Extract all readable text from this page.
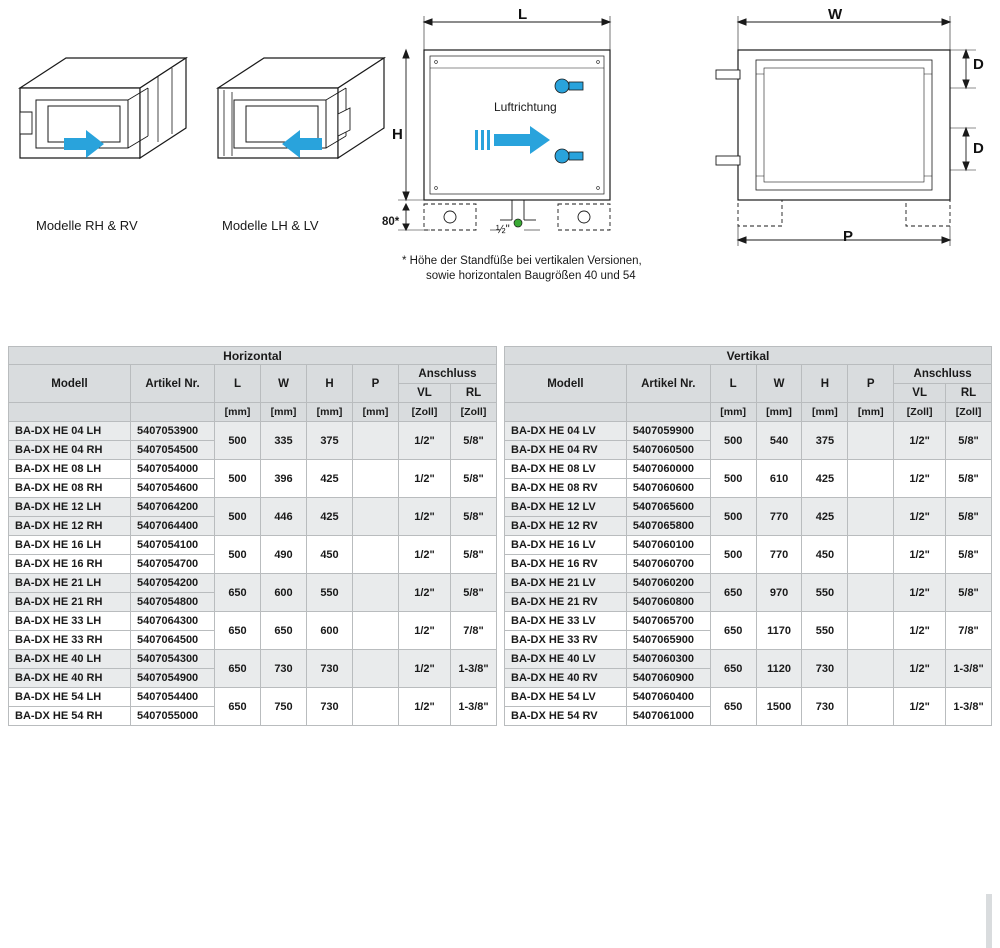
Modelle RH & RV	Modelle LH & LV
L
H
80*
½"
Luftrichtung
* Höhe der Standfüße bei vertikalen Versionen,
sowie horizontalen Baugrößen 40 und 54
W
D
D
P
Horizontal							
Modell	Artikel Nr.	L	W	H	P	Anschluss	
						VL	RL
		[mm]	[mm]	[mm]	[mm]	[Zoll]	[Zoll]
BA-DX HE 04 LH	5407053900	500	335	375		1/2"	5/8"
BA-DX HE 04 RH	5407054500						
BA-DX HE 08 LH	5407054000	500	396	425		1/2"	5/8"
BA-DX HE 08 RH	5407054600						
BA-DX HE 12 LH	5407064200	500	446	425		1/2"	5/8"
BA-DX HE 12 RH	5407064400						
BA-DX HE 16 LH	5407054100	500	490	450		1/2"	5/8"
BA-DX HE 16 RH	5407054700						
BA-DX HE 21 LH	5407054200	650	600	550		1/2"	5/8"
BA-DX HE 21 RH	5407054800						
BA-DX HE 33 LH	5407064300	650	650	600		1/2"	7/8"
BA-DX HE 33 RH	5407064500						
BA-DX HE 40 LH	5407054300	650	730	730		1/2"	1-3/8"
BA-DX HE 40 RH	5407054900						
BA-DX HE 54 LH	5407054400	650	750	730		1/2"	1-3/8"
BA-DX HE 54 RH	5407055000						
Vertikal							
Modell	Artikel Nr.	L	W	H	P	Anschluss	
						VL	RL
		[mm]	[mm]	[mm]	[mm]	[Zoll]	[Zoll]
BA-DX HE 04 LV	5407059900	500	540	375		1/2"	5/8"
BA-DX HE 04 RV	5407060500						
BA-DX HE 08 LV	5407060000	500	610	425		1/2"	5/8"
BA-DX HE 08 RV	5407060600						
BA-DX HE 12 LV	5407065600	500	770	425		1/2"	5/8"
BA-DX HE 12 RV	5407065800						
BA-DX HE 16 LV	5407060100	500	770	450		1/2"	5/8"
BA-DX HE 16 RV	5407060700						
BA-DX HE 21 LV	5407060200	650	970	550		1/2"	5/8"
BA-DX HE 21 RV	5407060800						
BA-DX HE 33 LV	5407065700	650	1170	550		1/2"	7/8"
BA-DX HE 33 RV	5407065900						
BA-DX HE 40 LV	5407060300	650	1120	730		1/2"	1-3/8"
BA-DX HE 40 RV	5407060900						
BA-DX HE 54 LV	5407060400	650	1500	730		1/2"	1-3/8"
BA-DX HE 54 RV	5407061000						
